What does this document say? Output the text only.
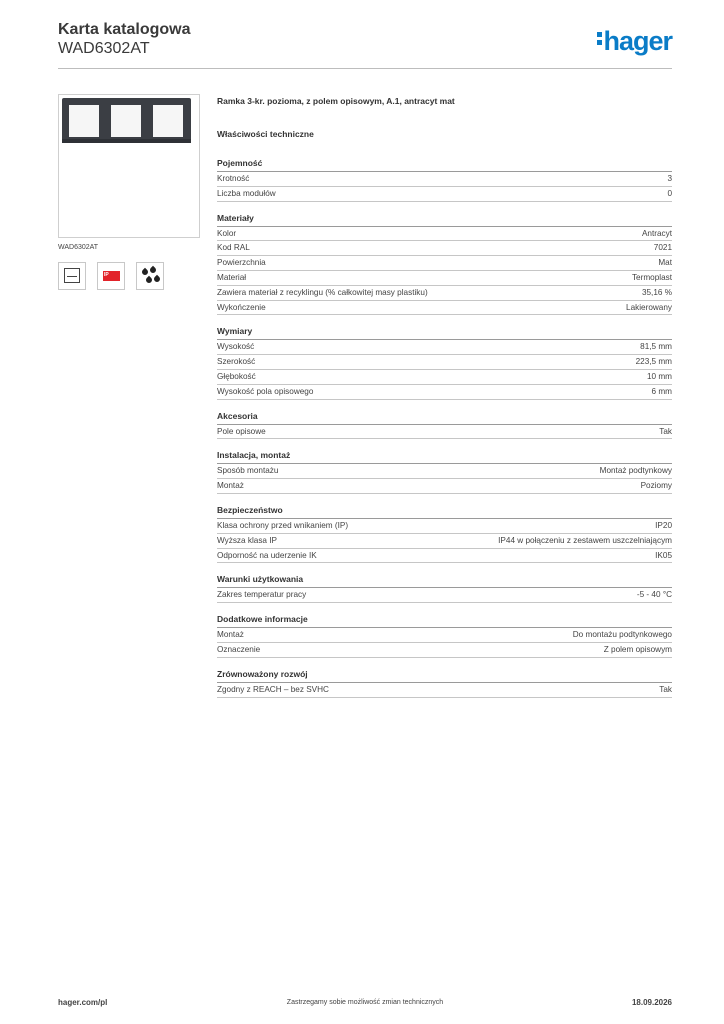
Karta katalogowa
WAD6302AT	hager
WAD6302AT
IP
Ramka 3-kr. pozioma, z polem opisowym, A.1, antracyt mat
Właściwości techniczne
Pojemność
Krotność	3
Liczba modułów	0
Materiały
Kolor	Antracyt
Kod RAL	7021
Powierzchnia	Mat
Materiał	Termoplast
Zawiera materiał z recyklingu (% całkowitej masy plastiku)	35,16 %
Wykończenie	Lakierowany
Wymiary
Wysokość	81,5 mm
Szerokość	223,5 mm
Głębokość	10 mm
Wysokość pola opisowego	6 mm
Akcesoria
Pole opisowe	Tak
Instalacja, montaż
Sposób montażu	Montaż podtynkowy
Montaż	Poziomy
Bezpieczeństwo
Klasa ochrony przed wnikaniem (IP)	IP20
Wyższa klasa IP	IP44 w połączeniu z zestawem uszczelniającym
Odporność na uderzenie IK	IK05
Warunki użytkowania
Zakres temperatur pracy	-5 - 40 °C
Dodatkowe informacje
Montaż	Do montażu podtynkowego
Oznaczenie	Z polem opisowym
Zrównoważony rozwój
Zgodny z REACH – bez SVHC	Tak
hager.com/pl	Zastrzegamy sobie możliwość zmian technicznych	18.09.2026
